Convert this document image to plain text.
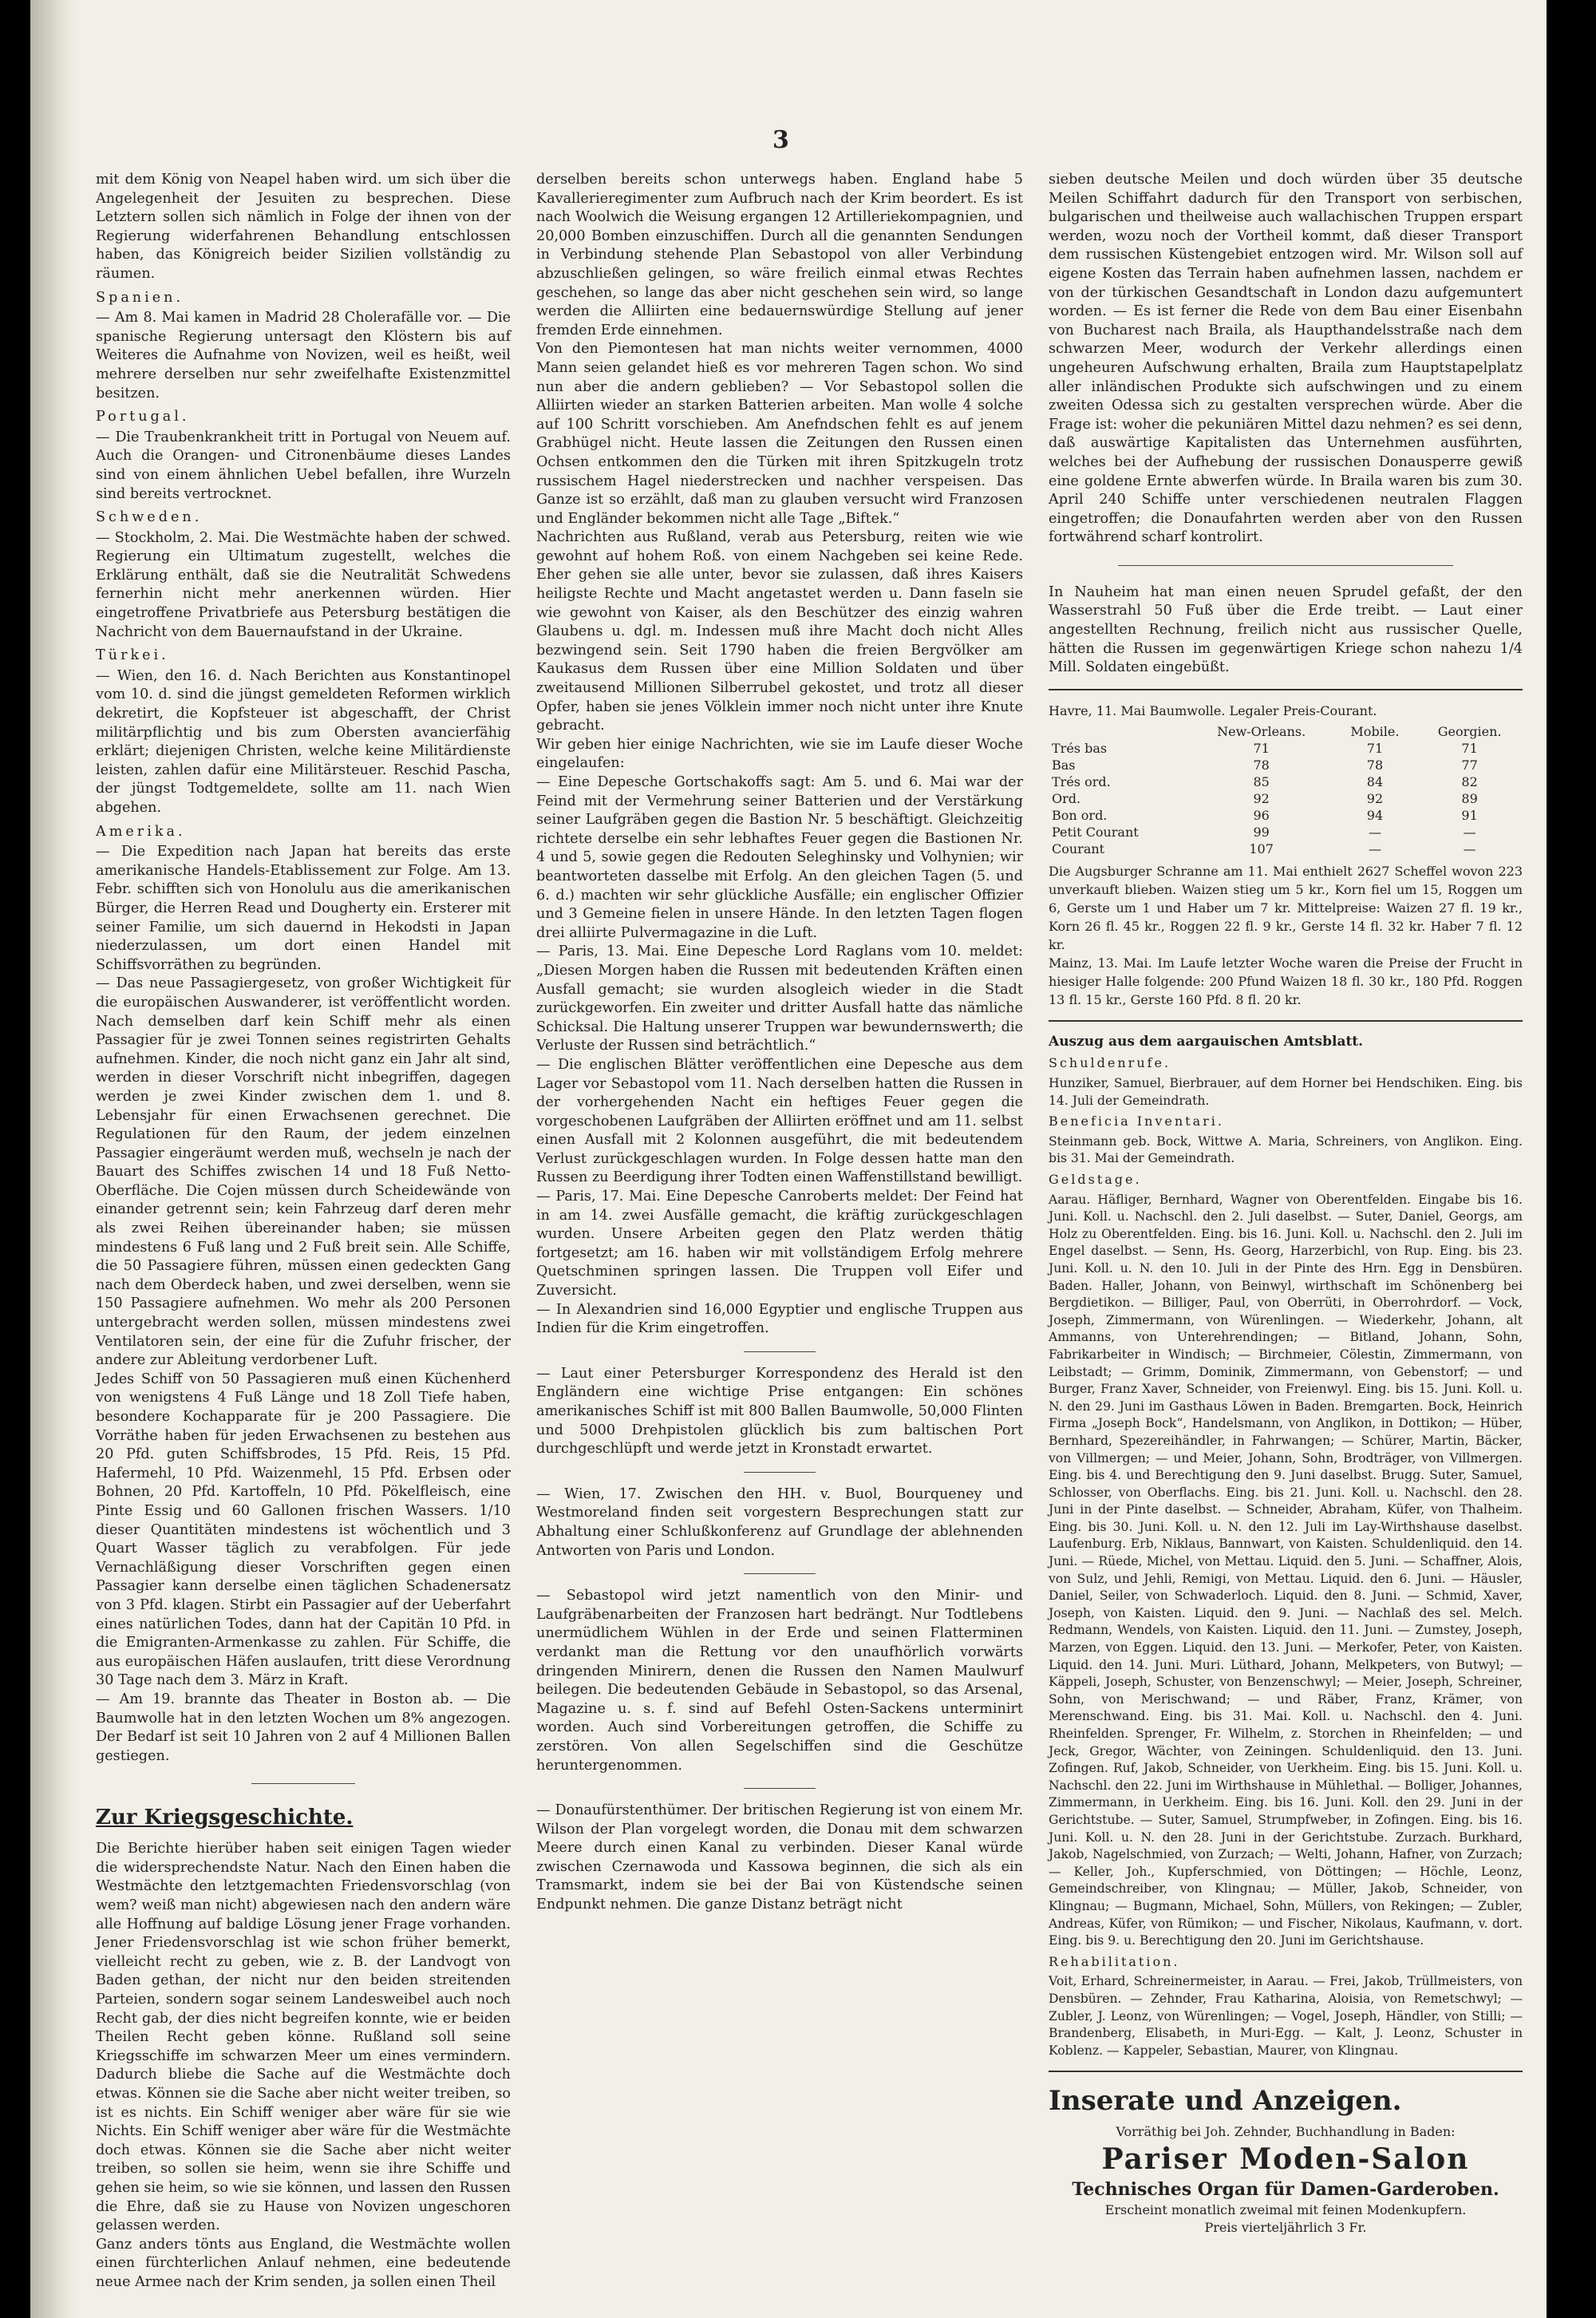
3

mit dem König von Neapel haben wird. um sich über die Angelegenheit der Jesuiten zu besprechen. Diese Letztern sollen sich nämlich in Folge der ihnen von der Regierung widerfahrenen Behandlung entschlossen haben, das Königreich beider Sizilien vollständig zu räumen.

Spanien.

— Am 8. Mai kamen in Madrid 28 Cholerafälle vor. — Die spanische Regierung untersagt den Klöstern bis auf Weiteres die Aufnahme von Novizen, weil es heißt, weil mehrere derselben nur sehr zweifelhafte Existenzmittel besitzen.

Portugal.

— Die Traubenkrankheit tritt in Portugal von Neuem auf. Auch die Orangen- und Citronenbäume dieses Landes sind von einem ähnlichen Uebel befallen, ihre Wurzeln sind bereits vertrocknet.

Schweden.

— Stockholm, 2. Mai. Die Westmächte haben der schwed. Regierung ein Ultimatum zugestellt, welches die Erklärung enthält, daß sie die Neutralität Schwedens fernerhin nicht mehr anerkennen würden. Hier eingetroffene Privatbriefe aus Petersburg bestätigen die Nachricht von dem Bauernaufstand in der Ukraine.

Türkei.

— Wien, den 16. d. Nach Berichten aus Konstantinopel vom 10. d. sind die jüngst gemeldeten Reformen wirklich dekretirt, die Kopfsteuer ist abgeschafft, der Christ militärpflichtig und bis zum Obersten avancierfähig erklärt; diejenigen Christen, welche keine Militärdienste leisten, zahlen dafür eine Militärsteuer. Reschid Pascha, der jüngst Todtgemeldete, sollte am 11. nach Wien abgehen.

Amerika.

— Die Expedition nach Japan hat bereits das erste amerikanische Handels-Etablissement zur Folge. Am 13. Febr. schifften sich von Honolulu aus die amerikanischen Bürger, die Herren Read und Dougherty ein. Ersterer mit seiner Familie, um sich dauernd in Hekodsti in Japan niederzulassen, um dort einen Handel mit Schiffsvorräthen zu begründen.

— Das neue Passagiergesetz, von großer Wichtigkeit für die europäischen Auswanderer, ist veröffentlicht worden. Nach demselben darf kein Schiff mehr als einen Passagier für je zwei Tonnen seines registrirten Gehalts aufnehmen. Kinder, die noch nicht ganz ein Jahr alt sind, werden in dieser Vorschrift nicht inbegriffen, dagegen werden je zwei Kinder zwischen dem 1. und 8. Lebensjahr für einen Erwachsenen gerechnet. Die Regulationen für den Raum, der jedem einzelnen Passagier eingeräumt werden muß, wechseln je nach der Bauart des Schiffes zwischen 14 und 18 Fuß Netto-Oberfläche. Die Cojen müssen durch Scheidewände von einander getrennt sein; kein Fahrzeug darf deren mehr als zwei Reihen übereinander haben; sie müssen mindestens 6 Fuß lang und 2 Fuß breit sein. Alle Schiffe, die 50 Passagiere führen, müssen einen gedeckten Gang nach dem Oberdeck haben, und zwei derselben, wenn sie 150 Passagiere aufnehmen. Wo mehr als 200 Personen untergebracht werden sollen, müssen mindestens zwei Ventilatoren sein, der eine für die Zufuhr frischer, der andere zur Ableitung verdorbener Luft.

Jedes Schiff von 50 Passagieren muß einen Küchenherd von wenigstens 4 Fuß Länge und 18 Zoll Tiefe haben, besondere Kochapparate für je 200 Passagiere. Die Vorräthe haben für jeden Erwachsenen zu bestehen aus 20 Pfd. guten Schiffsbrodes, 15 Pfd. Reis, 15 Pfd. Hafermehl, 10 Pfd. Waizenmehl, 15 Pfd. Erbsen oder Bohnen, 20 Pfd. Kartoffeln, 10 Pfd. Pökelfleisch, eine Pinte Essig und 60 Gallonen frischen Wassers. 1/10 dieser Quantitäten mindestens ist wöchentlich und 3 Quart Wasser täglich zu verabfolgen. Für jede Vernachläßigung dieser Vorschriften gegen einen Passagier kann derselbe einen täglichen Schadenersatz von 3 Pfd. klagen. Stirbt ein Passagier auf der Ueberfahrt eines natürlichen Todes, dann hat der Capitän 10 Pfd. in die Emigranten-Armenkasse zu zahlen. Für Schiffe, die aus europäischen Häfen auslaufen, tritt diese Verordnung 30 Tage nach dem 3. März in Kraft.

— Am 19. brannte das Theater in Boston ab. — Die Baumwolle hat in den letzten Wochen um 8% angezogen. Der Bedarf ist seit 10 Jahren von 2 auf 4 Millionen Ballen gestiegen.

Zur Kriegsgeschichte.

Die Berichte hierüber haben seit einigen Tagen wieder die widersprechendste Natur. Nach den Einen haben die Westmächte den letztgemachten Friedensvorschlag (von wem? weiß man nicht) abgewiesen nach den andern wäre alle Hoffnung auf baldige Lösung jener Frage vorhanden. Jener Friedensvorschlag ist wie schon früher bemerkt, vielleicht recht zu geben, wie z. B. der Landvogt von Baden gethan, der nicht nur den beiden streitenden Parteien, sondern sogar seinem Landesweibel auch noch Recht gab, der dies nicht begreifen konnte, wie er beiden Theilen Recht geben könne. Rußland soll seine Kriegsschiffe im schwarzen Meer um eines vermindern. Dadurch bliebe die Sache auf die Westmächte doch etwas. Können sie die Sache aber nicht weiter treiben, so ist es nichts. Ein Schiff weniger aber wäre für sie wie Nichts. Ein Schiff weniger aber wäre für die Westmächte doch etwas. Können sie die Sache aber nicht weiter treiben, so sollen sie heim, wenn sie ihre Schiffe und gehen sie heim, so wie sie können, und lassen den Russen die Ehre, daß sie zu Hause von Novizen ungeschoren gelassen werden.

Ganz anders tönts aus England, die Westmächte wollen einen fürchterlichen Anlauf nehmen, eine bedeutende neue Armee nach der Krim senden, ja sollen einen Theil

derselben bereits schon unterwegs haben. England habe 5 Kavallerieregimenter zum Aufbruch nach der Krim beordert. Es ist nach Woolwich die Weisung ergangen 12 Artilleriekompagnien, und 20,000 Bomben einzuschiffen. Durch all die genannten Sendungen in Verbindung stehende Plan Sebastopol von aller Verbindung abzuschließen gelingen, so wäre freilich einmal etwas Rechtes geschehen, so lange das aber nicht geschehen sein wird, so lange werden die Alliirten eine bedauernswürdige Stellung auf jener fremden Erde einnehmen.

Von den Piemontesen hat man nichts weiter vernommen, 4000 Mann seien gelandet hieß es vor mehreren Tagen schon. Wo sind nun aber die andern geblieben? — Vor Sebastopol sollen die Alliirten wieder an starken Batterien arbeiten. Man wolle 4 solche auf 100 Schritt vorschieben. Am Anefndschen fehlt es auf jenem Grabhügel nicht. Heute lassen die Zeitungen den Russen einen Ochsen entkommen den die Türken mit ihren Spitzkugeln trotz russischem Hagel niederstrecken und nachher verspeisen. Das Ganze ist so erzählt, daß man zu glauben versucht wird Franzosen und Engländer bekommen nicht alle Tage „Biftek.“

Nachrichten aus Rußland, verab aus Petersburg, reiten wie wie gewohnt auf hohem Roß. von einem Nachgeben sei keine Rede. Eher gehen sie alle unter, bevor sie zulassen, daß ihres Kaisers heiligste Rechte und Macht angetastet werden u. Dann faseln sie wie gewohnt von Kaiser, als den Beschützer des einzig wahren Glaubens u. dgl. m. Indessen muß ihre Macht doch nicht Alles bezwingend sein. Seit 1790 haben die freien Bergvölker am Kaukasus dem Russen über eine Million Soldaten und über zweitausend Millionen Silberrubel gekostet, und trotz all dieser Opfer, haben sie jenes Völklein immer noch nicht unter ihre Knute gebracht.

Wir geben hier einige Nachrichten, wie sie im Laufe dieser Woche eingelaufen:

— Eine Depesche Gortschakoffs sagt: Am 5. und 6. Mai war der Feind mit der Vermehrung seiner Batterien und der Verstärkung seiner Laufgräben gegen die Bastion Nr. 5 beschäftigt. Gleichzeitig richtete derselbe ein sehr lebhaftes Feuer gegen die Bastionen Nr. 4 und 5, sowie gegen die Redouten Seleghinsky und Volhynien; wir beantworteten dasselbe mit Erfolg. An den gleichen Tagen (5. und 6. d.) machten wir sehr glückliche Ausfälle; ein englischer Offizier und 3 Gemeine fielen in unsere Hände. In den letzten Tagen flogen drei alliirte Pulvermagazine in die Luft.

— Paris, 13. Mai. Eine Depesche Lord Raglans vom 10. meldet: „Diesen Morgen haben die Russen mit bedeutenden Kräften einen Ausfall gemacht; sie wurden alsogleich wieder in die Stadt zurückgeworfen. Ein zweiter und dritter Ausfall hatte das nämliche Schicksal. Die Haltung unserer Truppen war bewundernswerth; die Verluste der Russen sind beträchtlich.“

— Die englischen Blätter veröffentlichen eine Depesche aus dem Lager vor Sebastopol vom 11. Nach derselben hatten die Russen in der vorhergehenden Nacht ein heftiges Feuer gegen die vorgeschobenen Laufgräben der Alliirten eröffnet und am 11. selbst einen Ausfall mit 2 Kolonnen ausgeführt, die mit bedeutendem Verlust zurückgeschlagen wurden. In Folge dessen hatte man den Russen zu Beerdigung ihrer Todten einen Waffenstillstand bewilligt.

— Paris, 17. Mai. Eine Depesche Canroberts meldet: Der Feind hat in am 14. zwei Ausfälle gemacht, die kräftig zurückgeschlagen wurden. Unsere Arbeiten gegen den Platz werden thätig fortgesetzt; am 16. haben wir mit vollständigem Erfolg mehrere Quetschminen springen lassen. Die Truppen voll Eifer und Zuversicht.

— In Alexandrien sind 16,000 Egyptier und englische Truppen aus Indien für die Krim eingetroffen.

— Laut einer Petersburger Korrespondenz des Herald ist den Engländern eine wichtige Prise entgangen: Ein schönes amerikanisches Schiff ist mit 800 Ballen Baumwolle, 50,000 Flinten und 5000 Drehpistolen glücklich bis zum baltischen Port durchgeschlüpft und werde jetzt in Kronstadt erwartet.

— Wien, 17. Zwischen den HH. v. Buol, Bourqueney und Westmoreland finden seit vorgestern Besprechungen statt zur Abhaltung einer Schlußkonferenz auf Grundlage der ablehnenden Antworten von Paris und London.

— Sebastopol wird jetzt namentlich von den Minir- und Laufgräbenarbeiten der Franzosen hart bedrängt. Nur Todtlebens unermüdlichem Wühlen in der Erde und seinen Flatterminen verdankt man die Rettung vor den unaufhörlich vorwärts dringenden Minirern, denen die Russen den Namen Maulwurf beilegen. Die bedeutenden Gebäude in Sebastopol, so das Arsenal, Magazine u. s. f. sind auf Befehl Osten-Sackens unterminirt worden. Auch sind Vorbereitungen getroffen, die Schiffe zu zerstören. Von allen Segelschiffen sind die Geschütze heruntergenommen.

— Donaufürstenthümer. Der britischen Regierung ist von einem Mr. Wilson der Plan vorgelegt worden, die Donau mit dem schwarzen Meere durch einen Kanal zu verbinden. Dieser Kanal würde zwischen Czernawoda und Kassowa beginnen, die sich als ein Tramsmarkt, indem sie bei der Bai von Küstendsche seinen Endpunkt nehmen. Die ganze Distanz beträgt nicht

sieben deutsche Meilen und doch würden über 35 deutsche Meilen Schiffahrt dadurch für den Transport von serbischen, bulgarischen und theilweise auch wallachischen Truppen erspart werden, wozu noch der Vortheil kommt, daß dieser Transport dem russischen Küstengebiet entzogen wird. Mr. Wilson soll auf eigene Kosten das Terrain haben aufnehmen lassen, nachdem er von der türkischen Gesandtschaft in London dazu aufgemuntert worden. — Es ist ferner die Rede von dem Bau einer Eisenbahn von Bucharest nach Braila, als Haupthandelsstraße nach dem schwarzen Meer, wodurch der Verkehr allerdings einen ungeheuren Aufschwung erhalten, Braila zum Hauptstapelplatz aller inländischen Produkte sich aufschwingen und zu einem zweiten Odessa sich zu gestalten versprechen würde. Aber die Frage ist: woher die pekuniären Mittel dazu nehmen? es sei denn, daß auswärtige Kapitalisten das Unternehmen ausführten, welches bei der Aufhebung der russischen Donausperre gewiß eine goldene Ernte abwerfen würde. In Braila waren bis zum 30. April 240 Schiffe unter verschiedenen neutralen Flaggen eingetroffen; die Donaufahrten werden aber von den Russen fortwährend scharf kontrolirt.

In Nauheim hat man einen neuen Sprudel gefaßt, der den Wasserstrahl 50 Fuß über die Erde treibt. — Laut einer angestellten Rechnung, freilich nicht aus russischer Quelle, hätten die Russen im gegenwärtigen Kriege schon nahezu 1/4 Mill. Soldaten eingebüßt.

Havre, 11. Mai Baumwolle. Legaler Preis-Courant.

	New-Orleans.	Mobile.	Georgien.
Trés bas	71	71	71
Bas	78	78	77
Trés ord.	85	84	82
Ord.	92	92	89
Bon ord.	96	94	91
Petit Courant	99	—	—
Courant	107	—	—

Die Augsburger Schranne am 11. Mai enthielt 2627 Scheffel wovon 223 unverkauft blieben. Waizen stieg um 5 kr., Korn fiel um 15, Roggen um 6, Gerste um 1 und Haber um 7 kr. Mittelpreise: Waizen 27 fl. 19 kr., Korn 26 fl. 45 kr., Roggen 22 fl. 9 kr., Gerste 14 fl. 32 kr. Haber 7 fl. 12 kr.

Mainz, 13. Mai. Im Laufe letzter Woche waren die Preise der Frucht in hiesiger Halle folgende: 200 Pfund Waizen 18 fl. 30 kr., 180 Pfd. Roggen 13 fl. 15 kr., Gerste 160 Pfd. 8 fl. 20 kr.

Auszug aus dem aargauischen Amtsblatt.

Schuldenrufe.

Hunziker, Samuel, Bierbrauer, auf dem Horner bei Hendschiken. Eing. bis 14. Juli der Gemeindrath.

Beneficia Inventari.

Steinmann geb. Bock, Wittwe A. Maria, Schreiners, von Anglikon. Eing. bis 31. Mai der Gemeindrath.

Geldstage.

Aarau. Häfliger, Bernhard, Wagner von Oberentfelden. Eingabe bis 16. Juni. Koll. u. Nachschl. den 2. Juli daselbst. — Suter, Daniel, Georgs, am Holz zu Oberentfelden. Eing. bis 16. Juni. Koll. u. Nachschl. den 2. Juli im Engel daselbst. — Senn, Hs. Georg, Harzerbichl, von Rup. Eing. bis 23. Juni. Koll. u. N. den 10. Juli in der Pinte des Hrn. Egg in Densbüren. Baden. Haller, Johann, von Beinwyl, wirthschaft im Schönenberg bei Bergdietikon. — Billiger, Paul, von Oberrüti, in Oberrohrdorf. — Vock, Joseph, Zimmermann, von Würenlingen. — Wiederkehr, Johann, alt Ammanns, von Unterehrendingen; — Bitland, Johann, Sohn, Fabrikarbeiter in Windisch; — Birchmeier, Cölestin, Zimmermann, von Leibstadt; — Grimm, Dominik, Zimmermann, von Gebenstorf; — und Burger, Franz Xaver, Schneider, von Freienwyl. Eing. bis 15. Juni. Koll. u. N. den 29. Juni im Gasthaus Löwen in Baden. Bremgarten. Bock, Heinrich Firma „Joseph Bock“, Handelsmann, von Anglikon, in Dottikon; — Hüber, Bernhard, Spezereihändler, in Fahrwangen; — Schürer, Martin, Bäcker, von Villmergen; — und Meier, Johann, Sohn, Brodträger, von Villmergen. Eing. bis 4. und Berechtigung den 9. Juni daselbst. Brugg. Suter, Samuel, Schlosser, von Oberflachs. Eing. bis 21. Juni. Koll. u. Nachschl. den 28. Juni in der Pinte daselbst. — Schneider, Abraham, Küfer, von Thalheim. Eing. bis 30. Juni. Koll. u. N. den 12. Juli im Lay-Wirthshause daselbst. Laufenburg. Erb, Niklaus, Bannwart, von Kaisten. Schuldenliquid. den 14. Juni. — Rüede, Michel, von Mettau. Liquid. den 5. Juni. — Schaffner, Alois, von Sulz, und Jehli, Remigi, von Mettau. Liquid. den 6. Juni. — Häusler, Daniel, Seiler, von Schwaderloch. Liquid. den 8. Juni. — Schmid, Xaver, Joseph, von Kaisten. Liquid. den 9. Juni. — Nachlaß des sel. Melch. Redmann, Wendels, von Kaisten. Liquid. den 11. Juni. — Zumstey, Joseph, Marzen, von Eggen. Liquid. den 13. Juni. — Merkofer, Peter, von Kaisten. Liquid. den 14. Juni. Muri. Lüthard, Johann, Melkpeters, von Butwyl; — Käppeli, Joseph, Schuster, von Benzenschwyl; — Meier, Joseph, Schreiner, Sohn, von Merischwand; — und Räber, Franz, Krämer, von Merenschwand. Eing. bis 31. Mai. Koll. u. Nachschl. den 4. Juni. Rheinfelden. Sprenger, Fr. Wilhelm, z. Storchen in Rheinfelden; — und Jeck, Gregor, Wächter, von Zeiningen. Schuldenliquid. den 13. Juni. Zofingen. Ruf, Jakob, Schneider, von Uerkheim. Eing. bis 15. Juni. Koll. u. Nachschl. den 22. Juni im Wirthshause in Mühlethal. — Bolliger, Johannes, Zimmermann, in Uerkheim. Eing. bis 16. Juni. Koll. den 29. Juni in der Gerichtstube. — Suter, Samuel, Strumpfweber, in Zofingen. Eing. bis 16. Juni. Koll. u. N. den 28. Juni in der Gerichtstube. Zurzach. Burkhard, Jakob, Nagelschmied, von Zurzach; — Welti, Johann, Hafner, von Zurzach; — Keller, Joh., Kupferschmied, von Döttingen; — Höchle, Leonz, Gemeindschreiber, von Klingnau; — Müller, Jakob, Schneider, von Klingnau; — Bugmann, Michael, Sohn, Müllers, von Rekingen; — Zubler, Andreas, Küfer, von Rümikon; — und Fischer, Nikolaus, Kaufmann, v. dort. Eing. bis 9. u. Berechtigung den 20. Juni im Gerichtshause.

Rehabilitation.

Voit, Erhard, Schreinermeister, in Aarau. — Frei, Jakob, Trüllmeisters, von Densbüren. — Zehnder, Frau Katharina, Aloisia, von Remetschwyl; — Zubler, J. Leonz, von Würenlingen; — Vogel, Joseph, Händler, von Stilli; — Brandenberg, Elisabeth, in Muri-Egg. — Kalt, J. Leonz, Schuster in Koblenz. — Kappeler, Sebastian, Maurer, von Klingnau.

Inserate und Anzeigen.

Vorräthig bei Joh. Zehnder, Buchhandlung in Baden:

Pariser Moden-Salon

Technisches Organ für Damen-Garderoben.

Erscheint monatlich zweimal mit feinen Modenkupfern.

Preis vierteljährlich 3 Fr.
